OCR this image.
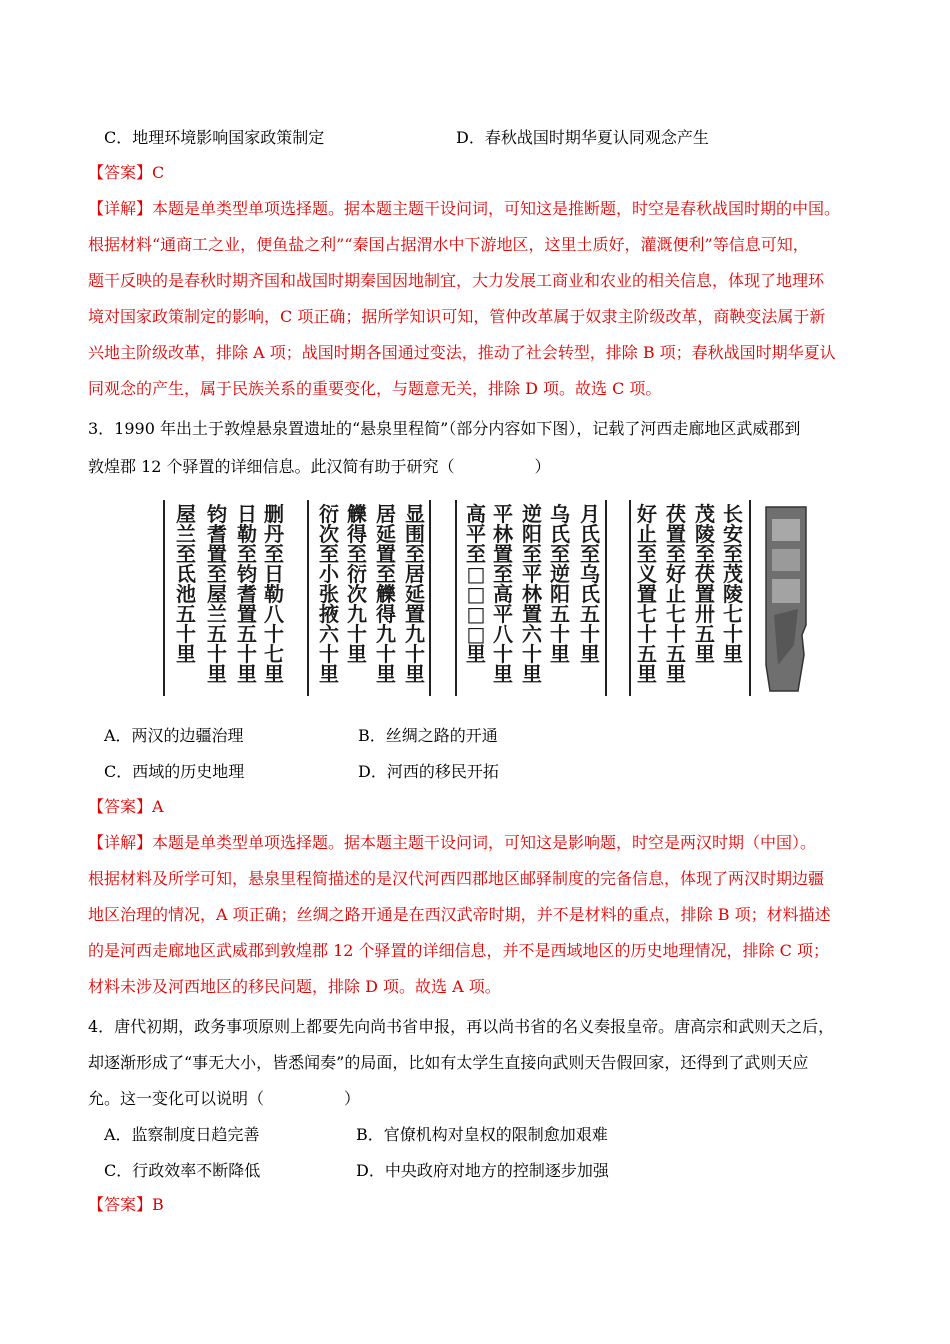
C．地理环境影响国家政策制定	D．春秋战国时期华夏认同观念产生
【答案】C
【详解】本题是单类型单项选择题。据本题主题干设问词，可知这是推断题，时空是春秋战国时期的中国。
根据材料“通商工之业，便鱼盐之利”“秦国占据渭水中下游地区，这里土质好，灌溉便利”等信息可知，
题干反映的是春秋时期齐国和战国时期秦国因地制宜，大力发展工商业和农业的相关信息，体现了地理环
境对国家政策制定的影响，C 项正确；据所学知识可知，管仲改革属于奴隶主阶级改革，商鞅变法属于新
兴地主阶级改革，排除 A 项；战国时期各国通过变法，推动了社会转型，排除 B 项；春秋战国时期华夏认
同观念的产生，属于民族关系的重要变化，与题意无关，排除 D 项。故选 C 项。
3．1990 年出土于敦煌悬泉置遗址的“悬泉里程简”（部分内容如下图），记载了河西走廊地区武威郡到
敦煌郡 12 个驿置的详细信息。此汉简有助于研究（　　　　　）
屋兰至氐池五十里
钧耆置至屋兰五十里
日勒至钧耆置五十里
删丹至日勒八十七里
衍次至小张掖六十里
觻得至衍次九十里
居延置至觻得九十里
显围至居延置九十里
高平至□□□□里
平林置至高平八十里
逆阳至平林置六十里
乌氏至逆阳五十里
月氏至乌氏五十里
好止至义置七十五里
茯置至好止七十五里
茂陵至茯置卅五里
长安至茂陵七十里
A．两汉的边疆治理	B．丝绸之路的开通
C．西域的历史地理	D．河西的移民开拓
【答案】A
【详解】本题是单类型单项选择题。据本题主题干设问词，可知这是影响题，时空是两汉时期（中国）。
根据材料及所学可知，悬泉里程简描述的是汉代河西四郡地区邮驿制度的完备信息，体现了两汉时期边疆
地区治理的情况，A 项正确；丝绸之路开通是在西汉武帝时期，并不是材料的重点，排除 B 项；材料描述
的是河西走廊地区武威郡到敦煌郡 12 个驿置的详细信息，并不是西域地区的历史地理情况，排除 C 项；
材料未涉及河西地区的移民问题，排除 D 项。故选 A 项。
4．唐代初期，政务事项原则上都要先向尚书省申报，再以尚书省的名义奏报皇帝。唐高宗和武则天之后，
却逐渐形成了“事无大小，皆悉闻奏”的局面，比如有太学生直接向武则天告假回家，还得到了武则天应
允。这一变化可以说明（　　　　　）
A．监察制度日趋完善	B．官僚机构对皇权的限制愈加艰难
C．行政效率不断降低	D．中央政府对地方的控制逐步加强
【答案】B
